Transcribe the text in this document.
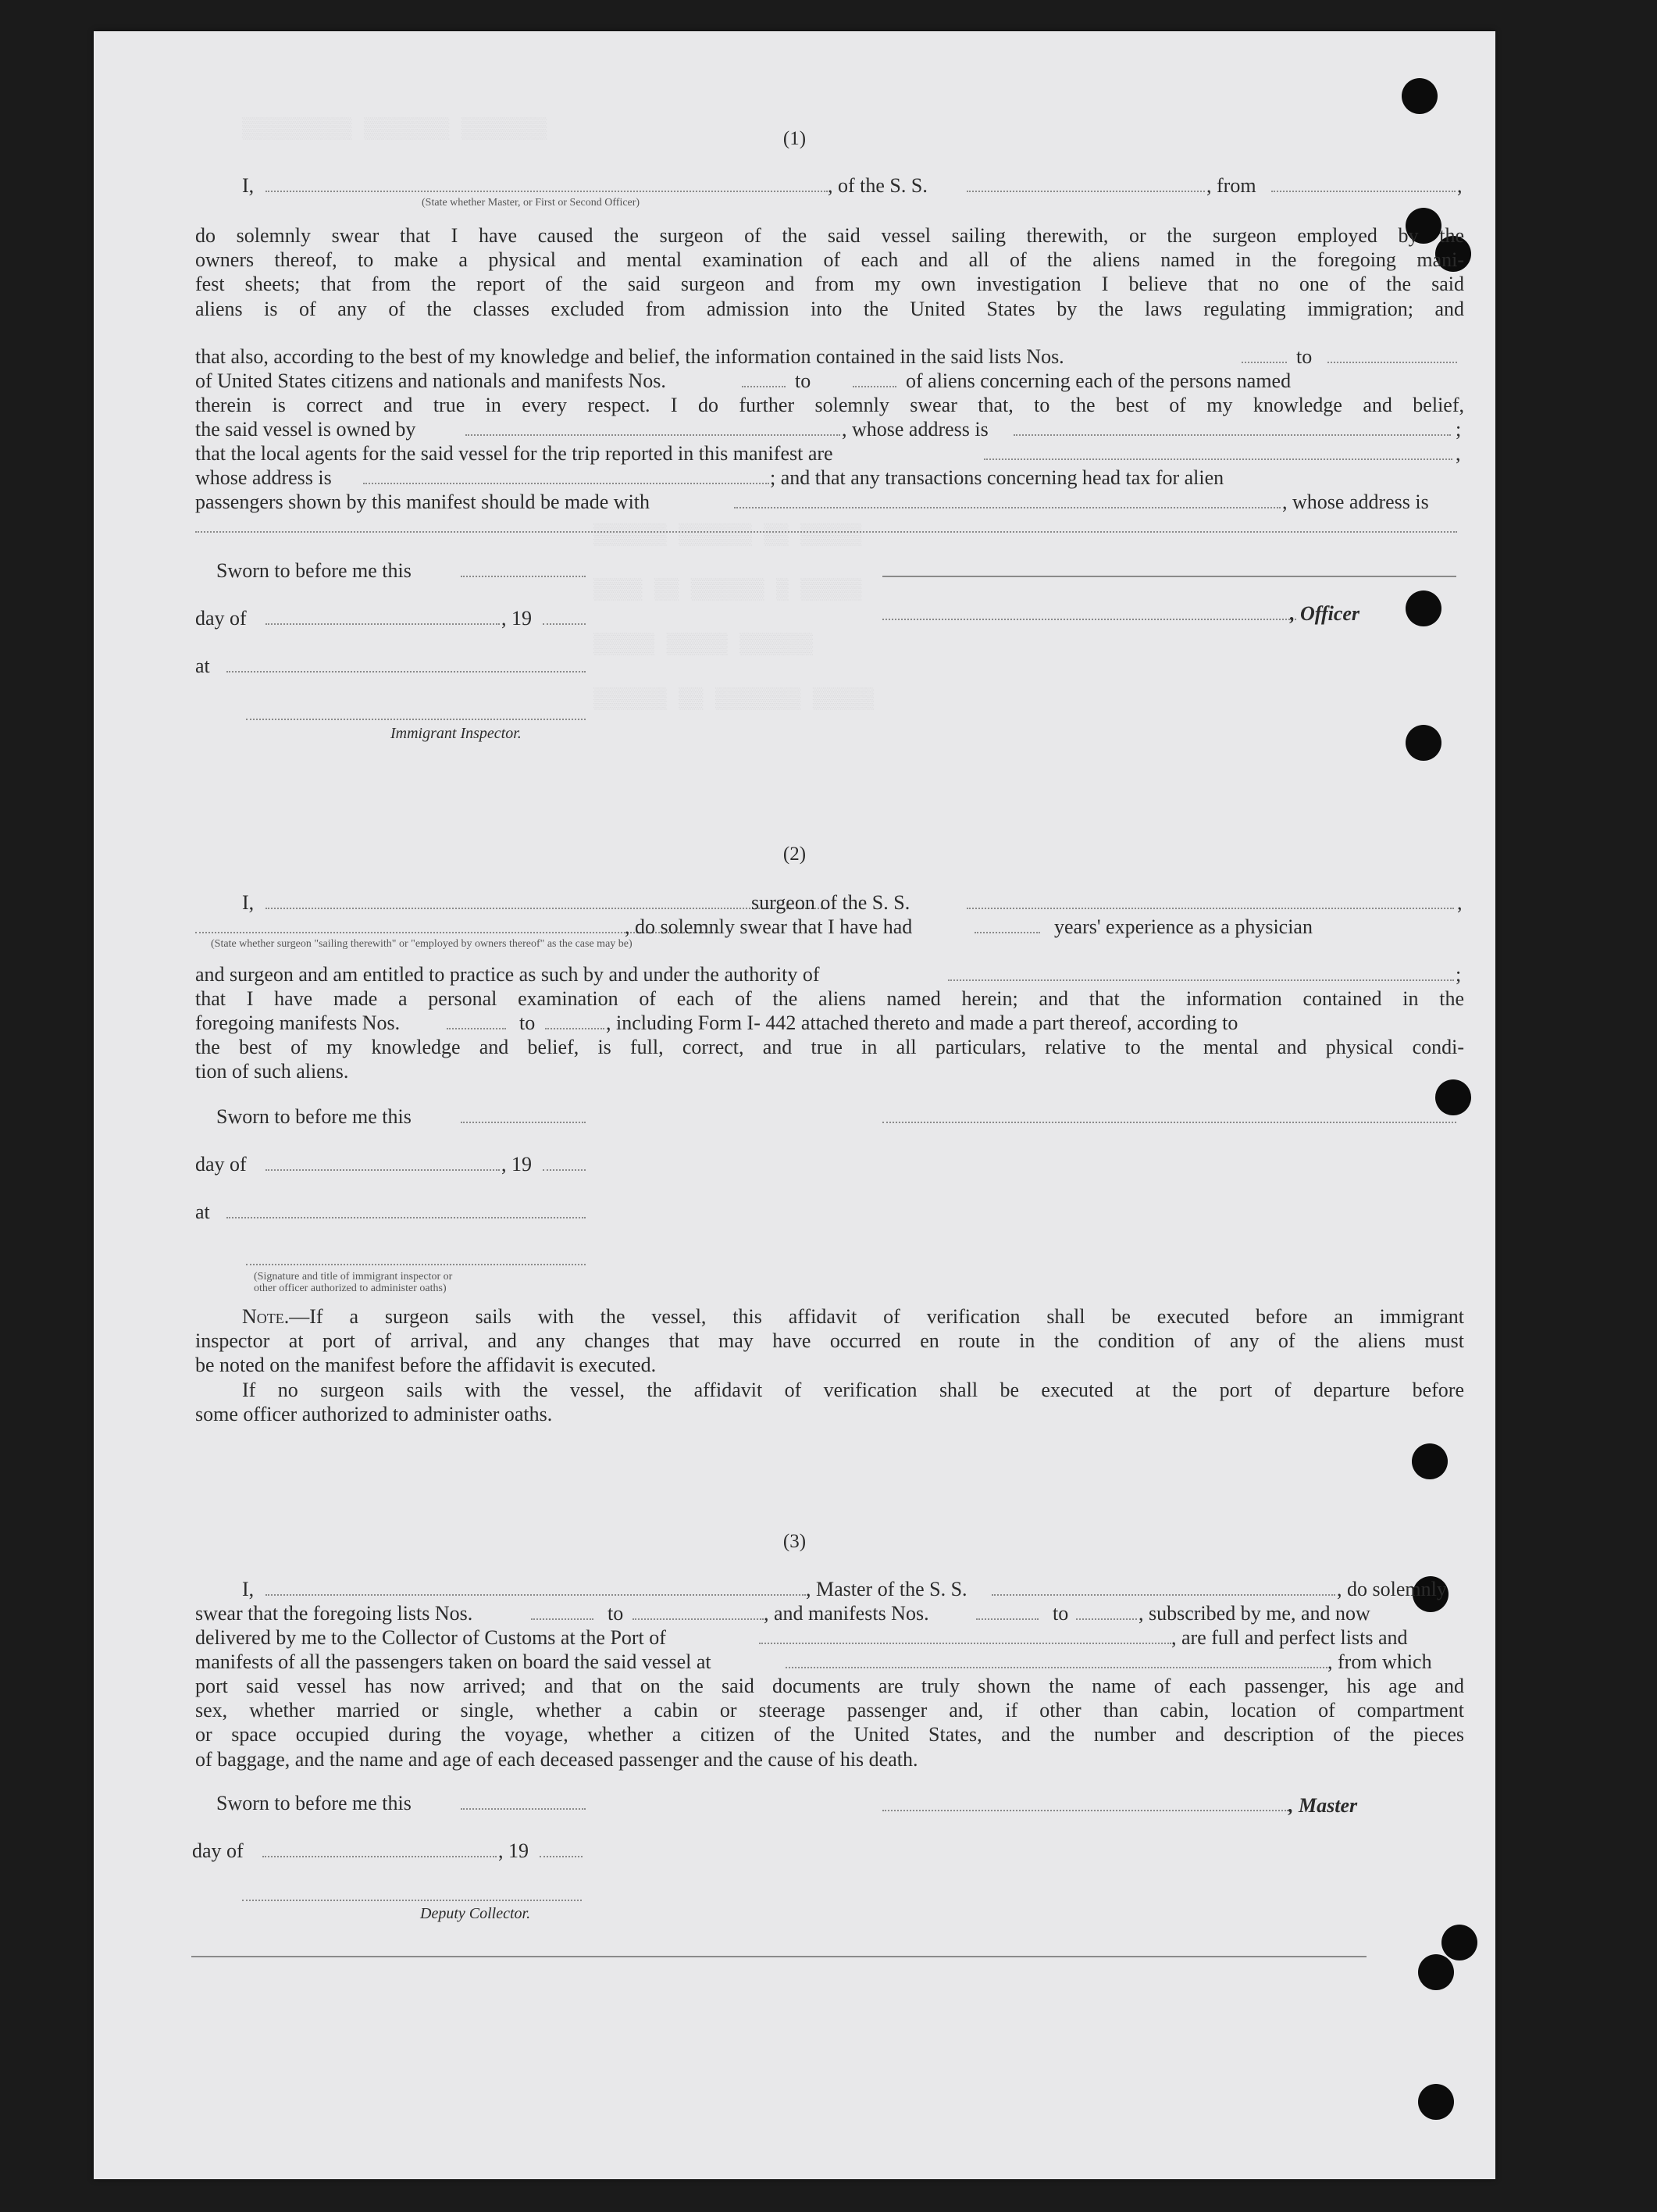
▒▒▒▒▒▒▒ ▒▒▒▒▒▒▒ ▒▒▒▒▒▒▒▒▒
▒▒▒▒▒ ▒▒ ▒▒▒▒▒▒ ▒▒▒▒▒▒
▒▒▒▒▒ ▒ ▒▒▒▒▒▒ ▒▒ ▒▒▒▒
▒▒▒▒▒▒ ▒▒▒▒▒ ▒▒▒▒▒
▒▒▒▒▒ ▒▒▒▒▒▒▒ ▒▒ ▒▒▒▒▒▒
(1)
I,	, of the S. S.	, from	,
(State whether Master, or First or Second Officer)
do solemnly swear that I have caused the surgeon of the said vessel sailing therewith, or the surgeon employed by the
owners thereof, to make a physical and mental examination of each and all of the aliens named in the foregoing mani-
fest sheets; that from the report of the said surgeon and from my own investigation I believe that no one of the said
aliens is of any of the classes excluded from admission into the United States by the laws regulating immigration; and
that also, according to the best of my knowledge and belief, the information contained in the said lists Nos.	to
of United States citizens and nationals and manifests Nos.	to	of aliens concerning each of the persons named
therein is correct and true in every respect. I do further solemnly swear that, to the best of my knowledge and belief,
the said vessel is owned by	, whose address is	;
that the local agents for the said vessel for the trip reported in this manifest are	,
whose address is	; and that any transactions concerning head tax for alien
passengers shown by this manifest should be made with	, whose address is
Sworn to before me this
day of	, 19	, Officer
at
Immigrant Inspector.
(2)
I,	surgeon of the S. S.	,
, do solemnly swear that I have had	years' experience as a physician
(State whether surgeon "sailing therewith" or "employed by owners thereof" as the case may be)
and surgeon and am entitled to practice as such by and under the authority of	;
that I have made a personal examination of each of the aliens named herein; and that the information contained in the
foregoing manifests Nos.	to	, including Form I- 442 attached thereto and made a part thereof, according to
the best of my knowledge and belief, is full, correct, and true in all particulars, relative to the mental and physical condi-
tion of such aliens.
Sworn to before me this
day of	, 19
at
(Signature and title of immigrant inspector or
other officer authorized to administer oaths)
Note.—If a surgeon sails with the vessel, this affidavit of verification shall be executed before an immigrant
inspector at port of arrival, and any changes that may have occurred en route in the condition of any of the aliens must
be noted on the manifest before the affidavit is executed.
If no surgeon sails with the vessel, the affidavit of verification shall be executed at the port of departure before
some officer authorized to administer oaths.
(3)
I,	, Master of the S. S.	, do solemnly
swear that the foregoing lists Nos.	to	, and manifests Nos.	to	, subscribed by me, and now
delivered by me to the Collector of Customs at the Port of	, are full and perfect lists and
manifests of all the passengers taken on board the said vessel at	, from which
port said vessel has now arrived; and that on the said documents are truly shown the name of each passenger, his age and
sex, whether married or single, whether a cabin or steerage passenger and, if other than cabin, location of compartment
or space occupied during the voyage, whether a citizen of the United States, and the number and description of the pieces
of baggage, and the name and age of each deceased passenger and the cause of his death.
Sworn to before me this	, Master
day of	, 19
Deputy Collector.
